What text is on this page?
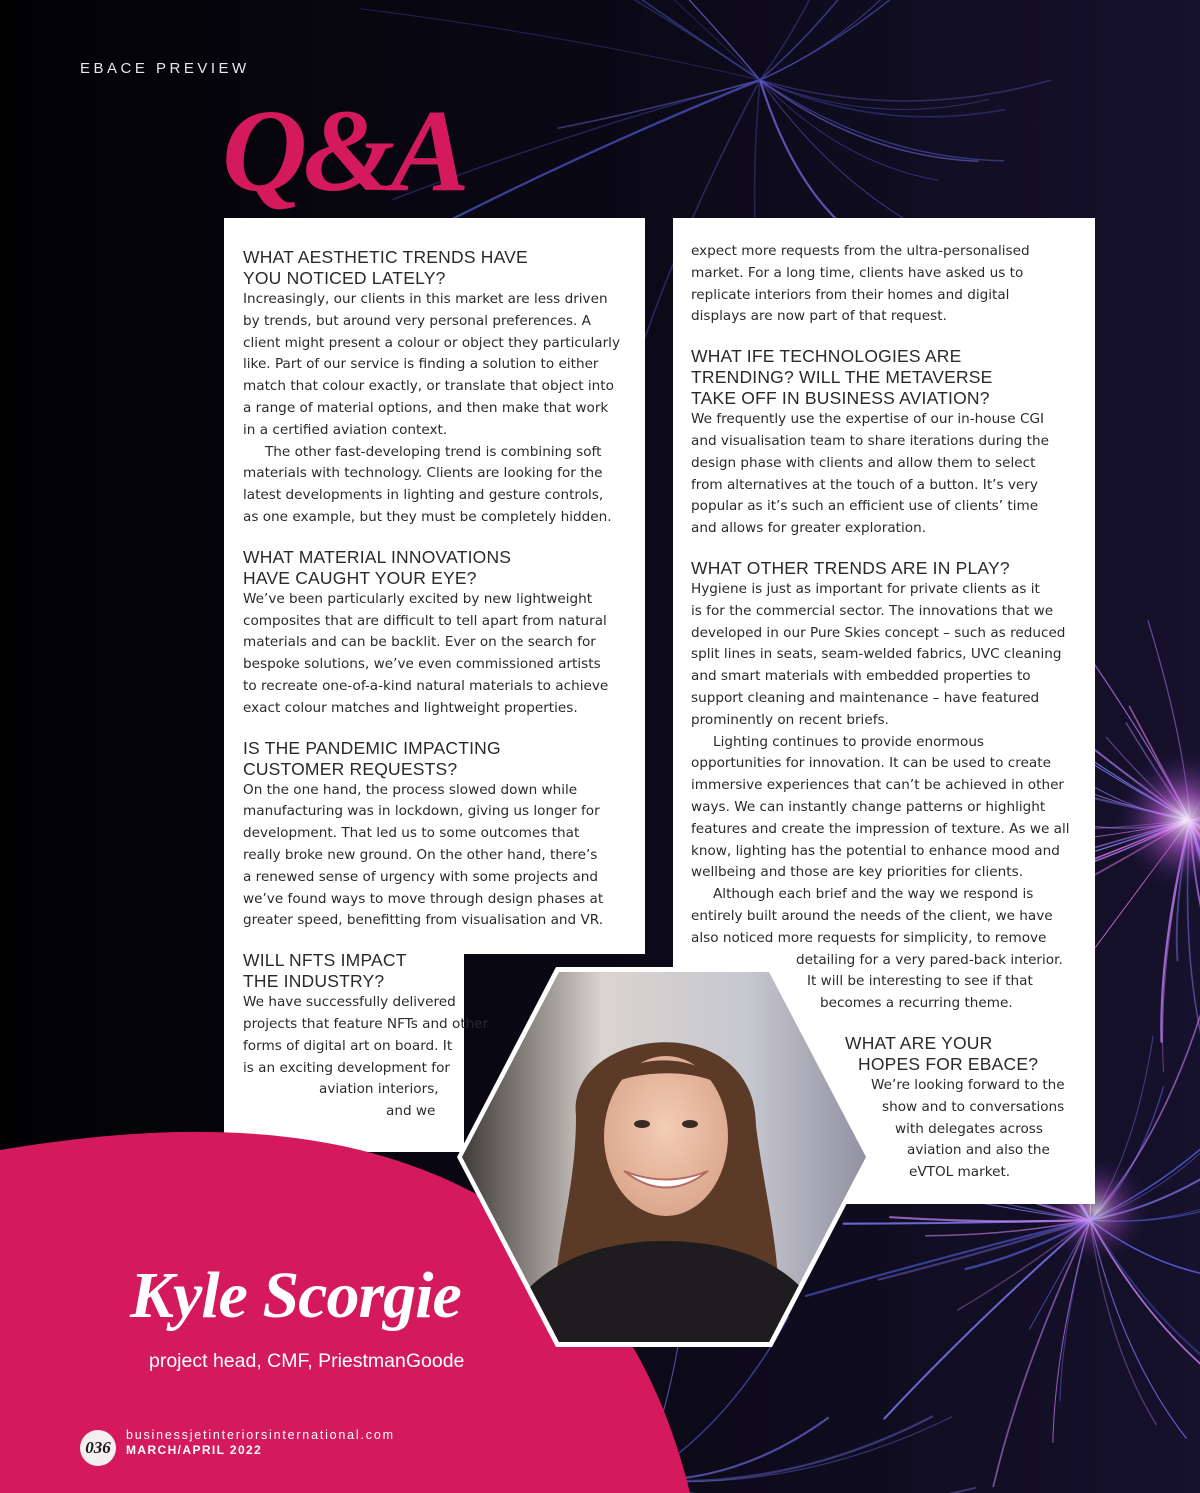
EBACE PREVIEW
Q&A
WHAT AESTHETIC TRENDS HAVE
YOU NOTICED LATELY?

Increasingly, our clients in this market are less driven
by trends, but around very personal preferences. A
client might present a colour or object they particularly
like. Part of our service is finding a solution to either
match that colour exactly, or translate that object into
a range of material options, and then make that work
in a certified aviation context.

The other fast-developing trend is combining soft
materials with technology. Clients are looking for the
latest developments in lighting and gesture controls,
as one example, but they must be completely hidden.

WHAT MATERIAL INNOVATIONS
HAVE CAUGHT YOUR EYE?

We’ve been particularly excited by new lightweight
composites that are difficult to tell apart from natural
materials and can be backlit. Ever on the search for
bespoke solutions, we’ve even commissioned artists
to recreate one-of-a-kind natural materials to achieve
exact colour matches and lightweight properties.

IS THE PANDEMIC IMPACTING
CUSTOMER REQUESTS?

On the one hand, the process slowed down while
manufacturing was in lockdown, giving us longer for
development. That led us to some outcomes that
really broke new ground. On the other hand, there’s
a renewed sense of urgency with some projects and
we’ve found ways to move through design phases at
greater speed, benefitting from visualisation and VR.

WILL NFTS IMPACT
THE INDUSTRY?

We have successfully delivered
projects that feature NFTs and other
forms of digital art on board. It
is an exciting development for
aviation interiors,
and we

expect more requests from the ultra-personalised
market. For a long time, clients have asked us to
replicate interiors from their homes and digital
displays are now part of that request.

WHAT IFE TECHNOLOGIES ARE
TRENDING? WILL THE METAVERSE
TAKE OFF IN BUSINESS AVIATION?

We frequently use the expertise of our in-house CGI
and visualisation team to share iterations during the
design phase with clients and allow them to select
from alternatives at the touch of a button. It’s very
popular as it’s such an efficient use of clients’ time
and allows for greater exploration.

WHAT OTHER TRENDS ARE IN PLAY?

Hygiene is just as important for private clients as it
is for the commercial sector. The innovations that we
developed in our Pure Skies concept – such as reduced
split lines in seats, seam-welded fabrics, UVC cleaning
and smart materials with embedded properties to
support cleaning and maintenance – have featured
prominently on recent briefs.

Lighting continues to provide enormous
opportunities for innovation. It can be used to create
immersive experiences that can’t be achieved in other
ways. We can instantly change patterns or highlight
features and create the impression of texture. As we all
know, lighting has the potential to enhance mood and
wellbeing and those are key priorities for clients.

Although each brief and the way we respond is
entirely built around the needs of the client, we have
also noticed more requests for simplicity, to remove
detailing for a very pared-back interior.
It will be interesting to see if that
becomes a recurring theme.

WHAT ARE YOUR
HOPES FOR EBACE?

We’re looking forward to the
show and to conversations
with delegates across
aviation and also the
eVTOL market.

Kyle Scorgie
project head, CMF, PriestmanGoode
036
businessjetinteriorsinternational.com
MARCH/APRIL 2022
